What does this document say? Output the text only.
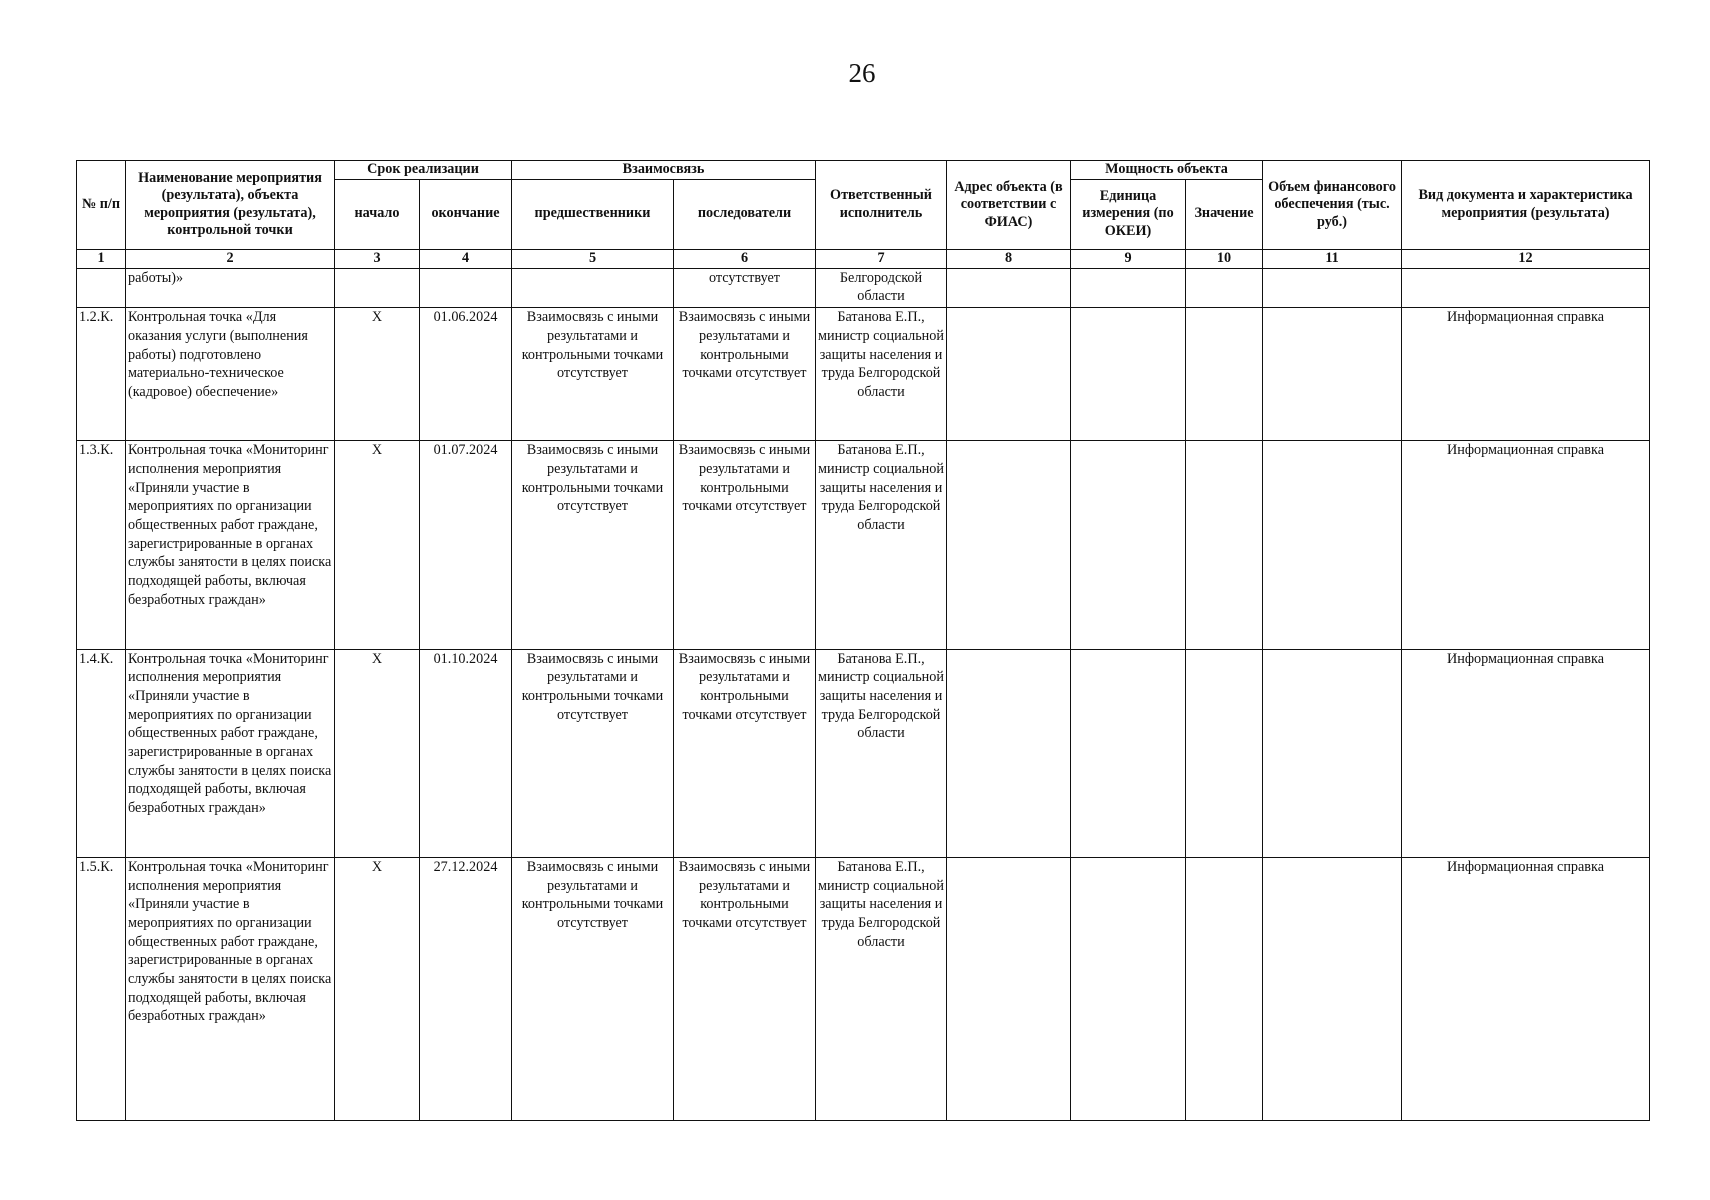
26
№ п/п	Наименование мероприятия (результата), объекта мероприятия (результата), контрольной точки	Срок реализации		Взаимосвязь		Ответственный исполнитель	Адрес объекта (в соответствии с ФИАС)	Мощность объекта		Объем финансового обеспечения (тыс. руб.)	Вид документа и характеристика мероприятия (результата)
		начало	окончание	предшественники	последователи			Единица измерения (по ОКЕИ)	Значение		
1	2	3	4	5	6	7	8	9	10	11	12
	работы)»				отсутствует	Белгородской области					
1.2.К.	Контрольная точка «Для оказания услуги (выполнения работы) подготовлено материально-техническое (кадровое) обеспечение»	Х	01.06.2024	Взаимосвязь с иными результатами и контрольными точками отсутствует	Взаимосвязь с иными результатами и контрольными точками отсутствует	Батанова Е.П., министр социальной защиты населения и труда Белгородской области					Информационная справка
1.3.К.	Контрольная точка «Мониторинг исполнения мероприятия «Приняли участие в мероприятиях по организации общественных работ граждане, зарегистрированные в органах службы занятости в целях поиска подходящей работы, включая безработных граждан»	Х	01.07.2024	Взаимосвязь с иными результатами и контрольными точками отсутствует	Взаимосвязь с иными результатами и контрольными точками отсутствует	Батанова Е.П., министр социальной защиты населения и труда Белгородской области					Информационная справка
1.4.К.	Контрольная точка «Мониторинг исполнения мероприятия «Приняли участие в мероприятиях по организации общественных работ граждане, зарегистрированные в органах службы занятости в целях поиска подходящей работы, включая безработных граждан»	Х	01.10.2024	Взаимосвязь с иными результатами и контрольными точками отсутствует	Взаимосвязь с иными результатами и контрольными точками отсутствует	Батанова Е.П., министр социальной защиты населения и труда Белгородской области					Информационная справка
1.5.К.	Контрольная точка «Мониторинг исполнения мероприятия «Приняли участие в мероприятиях по организации общественных работ граждане, зарегистрированные в органах службы занятости в целях поиска подходящей работы, включая безработных граждан»	Х	27.12.2024	Взаимосвязь с иными результатами и контрольными точками отсутствует	Взаимосвязь с иными результатами и контрольными точками отсутствует	Батанова Е.П., министр социальной защиты населения и труда Белгородской области					Информационная справка
